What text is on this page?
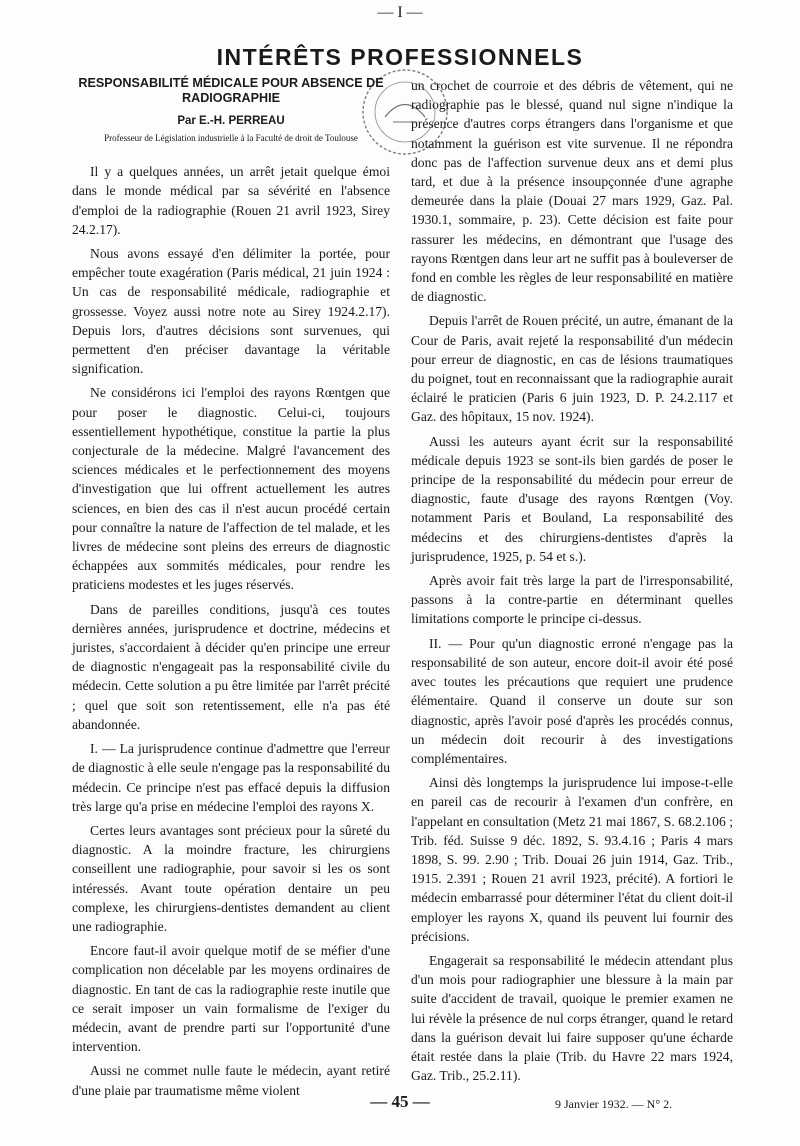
— I —
INTÉRÊTS PROFESSIONNELS
RESPONSABILITÉ MÉDICALE POUR ABSENCE DE RADIOGRAPHIE
Par E.-H. PERREAU
Professeur de Législation industrielle à la Faculté de droit de Toulouse

Il y a quelques années, un arrêt jetait quelque émoi dans le monde médical par sa sévérité en l'absence d'emploi de la radiographie (Rouen 21 avril 1923, Sirey 24.2.17).

Nous avons essayé d'en délimiter la portée, pour empêcher toute exagération (Paris médical, 21 juin 1924 : Un cas de responsabilité médicale, radiographie et grossesse. Voyez aussi notre note au Sirey 1924.2.17). Depuis lors, d'autres décisions sont survenues, qui permettent d'en préciser davantage la véritable signification.

Ne considérons ici l'emploi des rayons Rœntgen que pour poser le diagnostic. Celui-ci, toujours essentiellement hypothétique, constitue la partie la plus conjecturale de la médecine. Malgré l'avancement des sciences médicales et le perfectionnement des moyens d'investigation que lui offrent actuellement les autres sciences, en bien des cas il n'est aucun procédé certain pour connaître la nature de l'affection de tel malade, et les livres de médecine sont pleins des erreurs de diagnostic échappées aux sommités médicales, pour rendre les praticiens modestes et les juges réservés.

Dans de pareilles conditions, jusqu'à ces toutes dernières années, jurisprudence et doctrine, médecins et juristes, s'accordaient à décider qu'en principe une erreur de diagnostic n'engageait pas la responsabilité civile du médecin. Cette solution a pu être limitée par l'arrêt précité ; quel que soit son retentissement, elle n'a pas été abandonnée.

I. — La jurisprudence continue d'admettre que l'erreur de diagnostic à elle seule n'engage pas la responsabilité du médecin. Ce principe n'est pas effacé depuis la diffusion très large qu'a prise en médecine l'emploi des rayons X.

Certes leurs avantages sont précieux pour la sûreté du diagnostic. A la moindre fracture, les chirurgiens conseillent une radiographie, pour savoir si les os sont intéressés. Avant toute opération dentaire un peu complexe, les chirurgiens-dentistes demandent au client une radiographie.

Encore faut-il avoir quelque motif de se méfier d'une complication non décelable par les moyens ordinaires de diagnostic. En tant de cas la radiographie reste inutile que ce serait imposer un vain formalisme de l'exiger du médecin, avant de prendre parti sur l'opportunité d'une intervention.

Aussi ne commet nulle faute le médecin, ayant retiré d'une plaie par traumatisme même violent

un crochet de courroie et des débris de vêtement, qui ne radiographie pas le blessé, quand nul signe n'indique la présence d'autres corps étrangers dans l'organisme et que notamment la guérison est vite survenue. Il ne répondra donc pas de l'affection survenue deux ans et demi plus tard, et due à la présence insoupçonnée d'une agraphe demeurée dans la plaie (Douai 27 mars 1929, Gaz. Pal. 1930.1, sommaire, p. 23). Cette décision est faite pour rassurer les médecins, en démontrant que l'usage des rayons Rœntgen dans leur art ne suffit pas à bouleverser de fond en comble les règles de leur responsabilité en matière de diagnostic.

Depuis l'arrêt de Rouen précité, un autre, émanant de la Cour de Paris, avait rejeté la responsabilité d'un médecin pour erreur de diagnostic, en cas de lésions traumatiques du poignet, tout en reconnaissant que la radiographie aurait éclairé le praticien (Paris 6 juin 1923, D. P. 24.2.117 et Gaz. des hôpitaux, 15 nov. 1924).

Aussi les auteurs ayant écrit sur la responsabilité médicale depuis 1923 se sont-ils bien gardés de poser le principe de la responsabilité du médecin pour erreur de diagnostic, faute d'usage des rayons Rœntgen (Voy. notamment Paris et Bouland, La responsabilité des médecins et des chirurgiens-dentistes d'après la jurisprudence, 1925, p. 54 et s.).

Après avoir fait très large la part de l'irresponsabilité, passons à la contre-partie en déterminant quelles limitations comporte le principe ci-dessus.

II. — Pour qu'un diagnostic erroné n'engage pas la responsabilité de son auteur, encore doit-il avoir été posé avec toutes les précautions que requiert une prudence élémentaire. Quand il conserve un doute sur son diagnostic, après l'avoir posé d'après les procédés connus, un médecin doit recourir à des investigations complémentaires.

Ainsi dès longtemps la jurisprudence lui impose-t-elle en pareil cas de recourir à l'examen d'un confrère, en l'appelant en consultation (Metz 21 mai 1867, S. 68.2.106 ; Trib. féd. Suisse 9 déc. 1892, S. 93.4.16 ; Paris 4 mars 1898, S. 99. 2.90 ; Trib. Douai 26 juin 1914, Gaz. Trib., 1915. 2.391 ; Rouen 21 avril 1923, précité). A fortiori le médecin embarrassé pour déterminer l'état du client doit-il employer les rayons X, quand ils peuvent lui fournir des précisions.

Engagerait sa responsabilité le médecin attendant plus d'un mois pour radiographier une blessure à la main par suite d'accident de travail, quoique le premier examen ne lui révèle la présence de nul corps étranger, quand le retard dans la guérison devait lui faire supposer qu'une écharde était restée dans la plaie (Trib. du Havre 22 mars 1924, Gaz. Trib., 25.2.11).

— 45 —	9 Janvier 1932. — N° 2.
